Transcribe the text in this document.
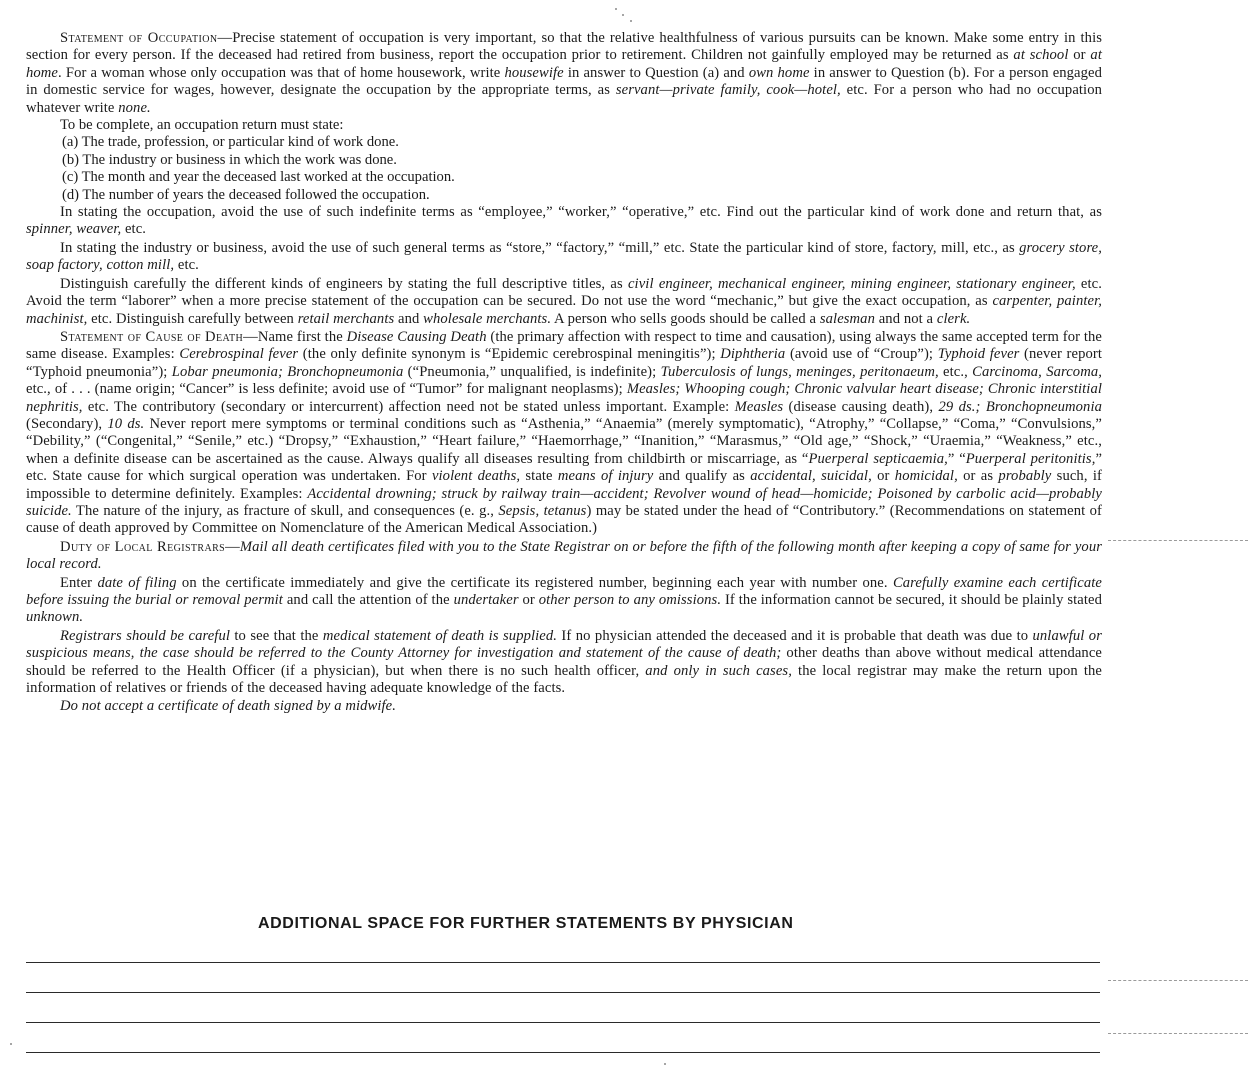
Statement of Occupation—Precise statement of occupation is very important, so that the relative healthfulness of various pursuits can be known. Make some entry in this section for every person. If the deceased had retired from business, report the occupation prior to retirement. Children not gainfully employed may be returned as at school or at home. For a woman whose only occupation was that of home housework, write housewife in answer to Question (a) and own home in answer to Question (b). For a person engaged in domestic service for wages, however, designate the occupation by the appropriate terms, as servant—private family, cook—hotel, etc. For a person who had no occupation whatever write none.

To be complete, an occupation return must state:

(a) The trade, profession, or particular kind of work done.
(b) The industry or business in which the work was done.
(c) The month and year the deceased last worked at the occupation.
(d) The number of years the deceased followed the occupation.

In stating the occupation, avoid the use of such indefinite terms as “employee,” “worker,” “operative,” etc. Find out the particular kind of work done and return that, as spinner, weaver, etc.

In stating the industry or business, avoid the use of such general terms as “store,” “factory,” “mill,” etc. State the particular kind of store, factory, mill, etc., as grocery store, soap factory, cotton mill, etc.

Distinguish carefully the different kinds of engineers by stating the full descriptive titles, as civil engineer, mechanical engineer, mining engineer, stationary engineer, etc. Avoid the term “laborer” when a more precise statement of the occupation can be secured. Do not use the word “mechanic,” but give the exact occupation, as carpenter, painter, machinist, etc. Distinguish carefully between retail merchants and wholesale merchants. A person who sells goods should be called a salesman and not a clerk.

Statement of Cause of Death—Name first the Disease Causing Death (the primary affection with respect to time and causation), using always the same accepted term for the same disease. Examples: Cerebrospinal fever (the only definite synonym is “Epidemic cerebrospinal meningitis”); Diphtheria (avoid use of “Croup”); Typhoid fever (never report “Typhoid pneumonia”); Lobar pneumonia; Bronchopneumonia (“Pneumonia,” unqualified, is indefinite); Tuberculosis of lungs, meninges, peritonaeum, etc., Carcinoma, Sarcoma, etc., of . . . (name origin; “Cancer” is less definite; avoid use of “Tumor” for malignant neoplasms); Measles; Whooping cough; Chronic valvular heart disease; Chronic interstitial nephritis, etc. The contributory (secondary or intercurrent) affection need not be stated unless important. Example: Measles (disease causing death), 29 ds.; Bronchopneumonia (Secondary), 10 ds. Never report mere symptoms or terminal conditions such as “Asthenia,” “Anaemia” (merely symptomatic), “Atrophy,” “Collapse,” “Coma,” “Convulsions,” “Debility,” (“Congenital,” “Senile,” etc.) “Dropsy,” “Exhaustion,” “Heart failure,” “Haemorrhage,” “Inanition,” “Marasmus,” “Old age,” “Shock,” “Uraemia,” “Weakness,” etc., when a definite disease can be ascertained as the cause. Always qualify all diseases resulting from childbirth or miscarriage, as “Puerperal septicaemia,” “Puerperal peritonitis,” etc. State cause for which surgical operation was undertaken. For violent deaths, state means of injury and qualify as accidental, suicidal, or homicidal, or as probably such, if impossible to determine definitely. Examples: Accidental drowning; struck by railway train—accident; Revolver wound of head—homicide; Poisoned by carbolic acid—probably suicide. The nature of the injury, as fracture of skull, and consequences (e. g., Sepsis, tetanus) may be stated under the head of “Contributory.” (Recommendations on statement of cause of death approved by Committee on Nomenclature of the American Medical Association.)

Duty of Local Registrars—Mail all death certificates filed with you to the State Registrar on or before the fifth of the following month after keeping a copy of same for your local record.

Enter date of filing on the certificate immediately and give the certificate its registered number, beginning each year with number one. Carefully examine each certificate before issuing the burial or removal permit and call the attention of the undertaker or other person to any omissions. If the information cannot be secured, it should be plainly stated unknown.

Registrars should be careful to see that the medical statement of death is supplied. If no physician attended the deceased and it is probable that death was due to unlawful or suspicious means, the case should be referred to the County Attorney for investigation and statement of the cause of death; other deaths than above without medical attendance should be referred to the Health Officer (if a physician), but when there is no such health officer, and only in such cases, the local registrar may make the return upon the information of relatives or friends of the deceased having adequate knowledge of the facts.

Do not accept a certificate of death signed by a midwife.

ADDITIONAL SPACE FOR FURTHER STATEMENTS BY PHYSICIAN
